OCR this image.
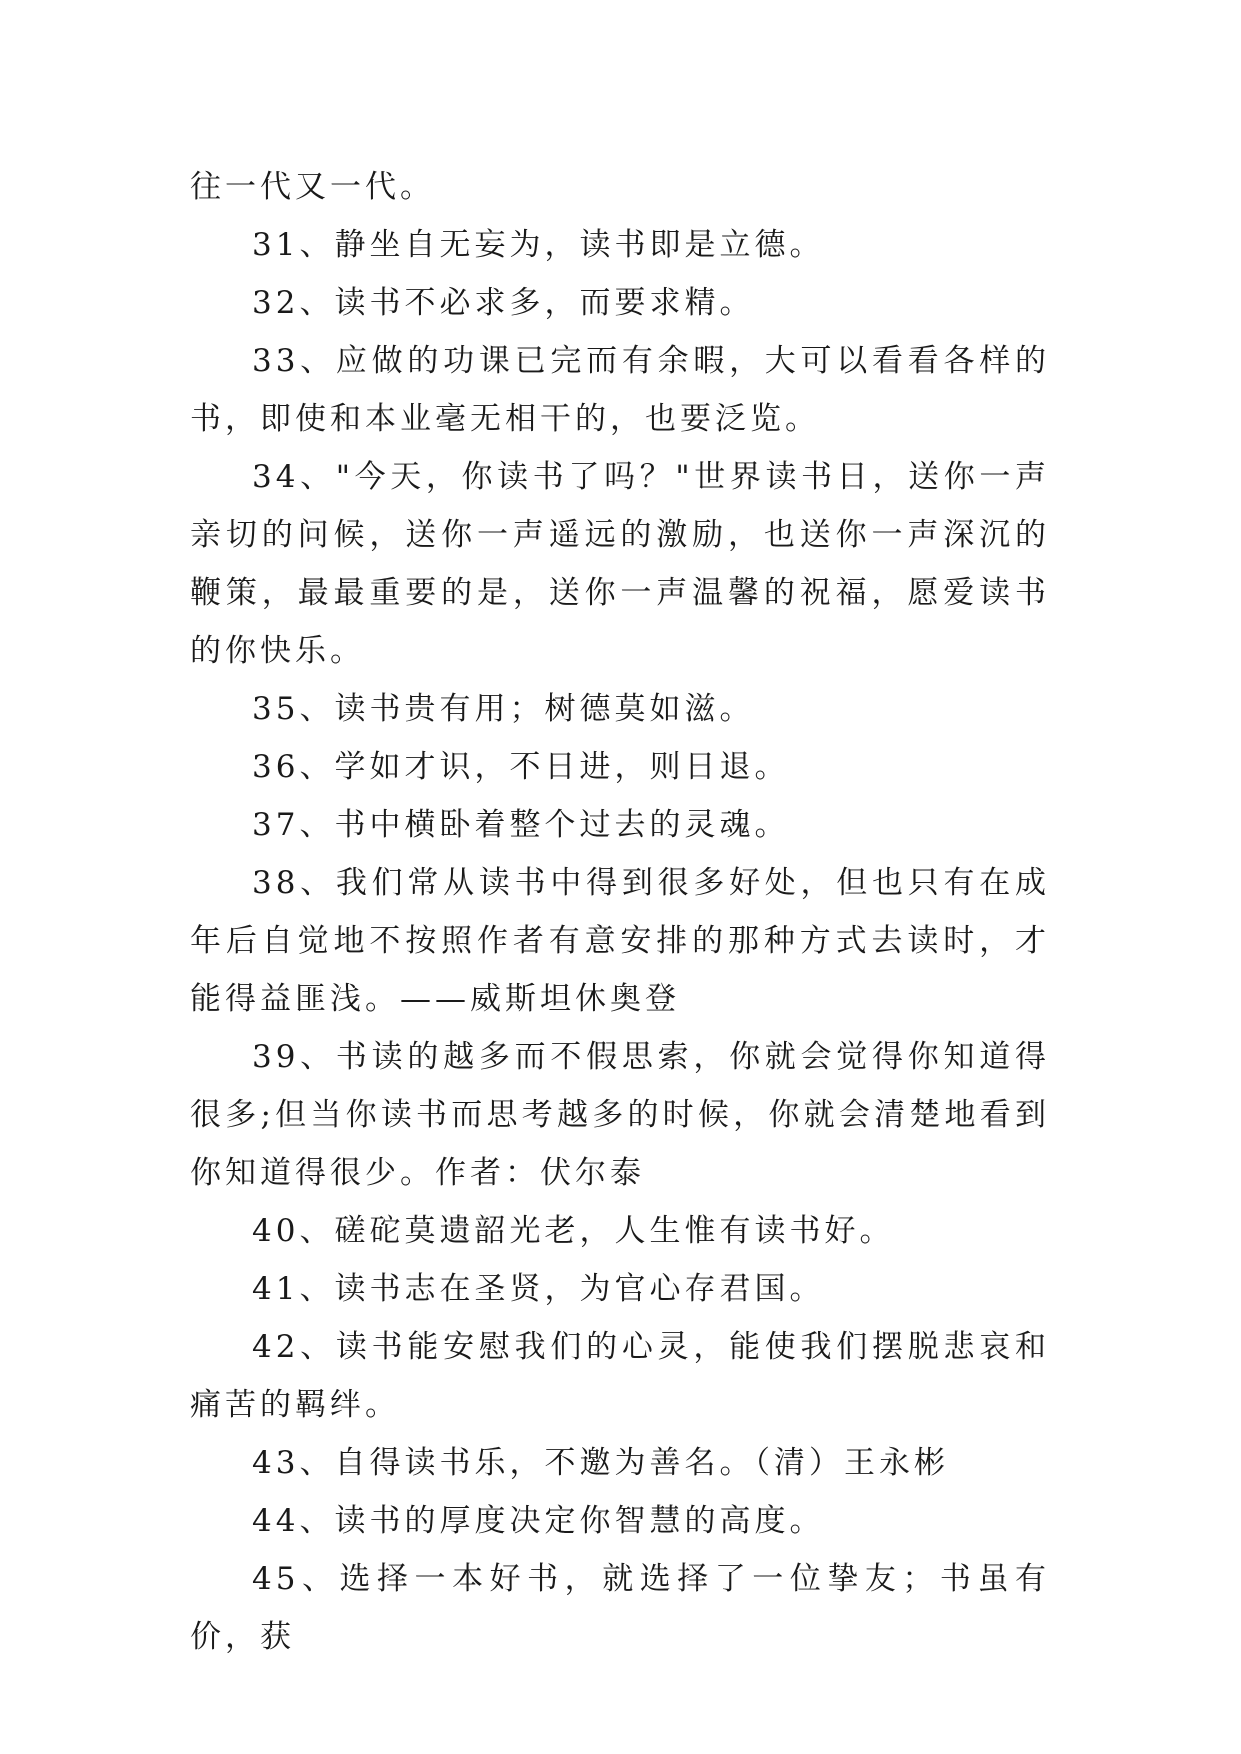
往一代又一代。

31、静坐自无妄为，读书即是立德。

32、读书不必求多，而要求精。

33、应做的功课已完而有余暇，大可以看看各样的书，即使和本业毫无相干的，也要泛览。

34、"今天，你读书了吗？"世界读书日，送你一声亲切的问候，送你一声遥远的激励，也送你一声深沉的鞭策，最最重要的是，送你一声温馨的祝福，愿爱读书的你快乐。

35、读书贵有用；树德莫如滋。

36、学如才识，不日进，则日退。

37、书中横卧着整个过去的灵魂。

38、我们常从读书中得到很多好处，但也只有在成年后自觉地不按照作者有意安排的那种方式去读时，才能得益匪浅。——威斯坦休奥登

39、书读的越多而不假思索，你就会觉得你知道得很多;但当你读书而思考越多的时候，你就会清楚地看到你知道得很少。作者：伏尔泰

40、磋砣莫遗韶光老，人生惟有读书好。

41、读书志在圣贤，为官心存君国。

42、读书能安慰我们的心灵，能使我们摆脱悲哀和痛苦的羁绊。

43、自得读书乐，不邀为善名。（清）王永彬

44、读书的厚度决定你智慧的高度。

45、选择一本好书，就选择了一位挚友；书虽有价，获
